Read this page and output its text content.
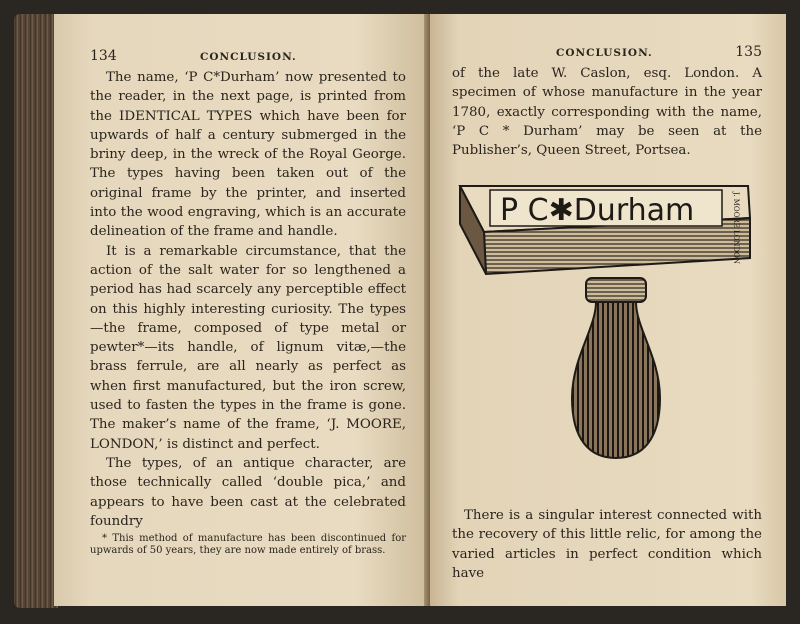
134	CONCLUSION.

The name, ‘P C*Durham’ now presented to the reader, in the next page, is printed from the IDENTICAL TYPES which have been for upwards of half a century submerged in the briny deep, in the wreck of the Royal George. The types having been taken out of the original frame by the printer, and inserted into the wood engraving, which is an accurate delineation of the frame and handle.

It is a remarkable circumstance, that the action of the salt water for so lengthened a period has had scarcely any perceptible effect on this highly interesting curiosity. The types—the frame, composed of type metal or pewter*—its handle, of lignum vitæ,—the brass ferrule, are all nearly as perfect as when first manufactured, but the iron screw, used to fasten the types in the frame is gone. The maker’s name of the frame, ‘J. MOORE, LONDON,’ is distinct and perfect.

The types, of an antique character, are those technically called ‘double pica,’ and appears to have been cast at the celebrated foundry

* This method of manufacture has been discontinued for upwards of 50 years, they are now made entirely of brass.
CONCLUSION.	135

of the late W. Caslon, esq. London. A specimen of whose manufacture in the year 1780, exactly corresponding with the name, ‘P C * Durham’ may be seen at the Publisher’s, Queen Street, Portsea.

P C✱Durham	J. MOORE LONDON

There is a singular interest connected with the recovery of this little relic, for among the varied articles in perfect condition which have
